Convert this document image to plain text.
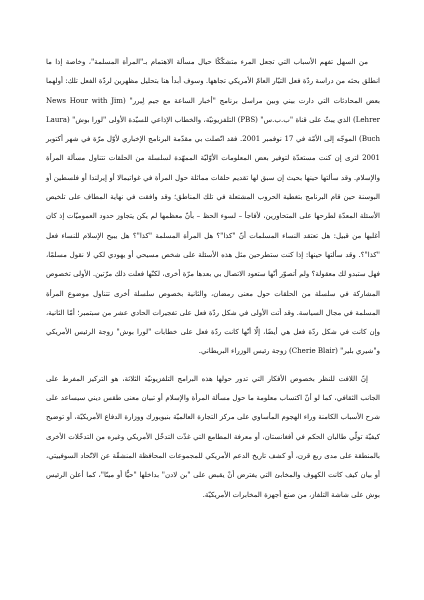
من السهل تفهم الأسباب التي تجعل المرء متشكّكًا حيال مسألة الاهتمام بـ"المرأة المسلمة"، وخاصة إذا ما انطلق بحثه من دراسة ردّة فعل التيّار العامّ الأمريكي تجاهها. وسوف أبدأ هنا بتحليل مظهرين لردّة الفعل تلك: أولهما بعض المحادثات التي دارت بيني وبين مراسل برنامج "أخبار الساعة مع جيم لِيرر" (News Hour with Jim Lehrer) الذي يبثّ على قناة "ب.ب.س" (PBS) التلفزيونيّة، والخطاب الإذاعي للسيّدة الأولى "لورا بوش" (Laura Buch) الموجّه إلى الأمّة في 17 نوفمبر 2001. فقد اتّصلت بي مقدّمة البرنامج الإخباري لأوّل مرّة في شهر أكتوبر 2001 لترى إن كنت مستعدّة لتوفير بعض المعلومات الأوّليّة الممهّدة لسلسلة من الحلقات تتناول مسألة المرأة والإسلام. وقد سألتها حينها بحيث إن سبق لها تقديم حلقات مماثلة حول المرأة في غواتيمالا أو إيرلندا أو فلسطين أو البوسنة حين قام البرنامج بتغطية الحروب المشتعلة في تلك المناطق؛ وقد وافقت في نهاية المطاف على تلخيص الأسئلة المعدّة لطرحها على المتحاورين، لأفاجأ – لسوء الحظ – بأنّ معظمها لم يكن يتجاوز حدود العموميّات إذ كان أغلبها من قبيل: هل تعتقد النساء المسلمات أنّ "كذا"؟ هل المرأة المسلمة "كذا"؟ هل يبيح الإسلام للنساء فعل "كذا"؟. وقد سألتها حينها: إذا كنت ستطرحين مثل هذه الأسئلة على شخص مسيحي أو يهودي لكي لا نقول مسلمًا، فهل ستبدو لك معقولة؟ ولم أتصوّر أنّها ستعود الاتصال بي بعدها مرّة أخرى، لكنّها فعلت ذلك مرّتين. الأولى تخصوص المشاركة في سلسلة من الحلقات حول معنى رمضان، والثانية بخصوص سلسلة أخرى تتناول موضوع المرأة المسلمة في مجال السياسة. وقد أتت الأولى في شكل ردّة فعل على تفجيرات الحادي عشر من سبتمبر؛ أمّا الثانية، وإن كانت في شكل ردّة فعل هي أيضًا، إلّا أنّها كانت ردّة فعل على خطابات "لورا بوش" زوجة الرئيس الأمريكي و"شيري بلير" (Cherie Blair) زوجة رئيس الوزراء البريطاني.

إنّ اللافت للنظر بخصوص الأفكار التي تدور حولها هذه البرامج التلفزيونيّة الثلاثة، هو التركيز المفرط على الجانب الثقافي، كما لو أنّ اكتساب معلومة ما حول مسألة المرأة والإسلام أو تبيان معنى طقس ديني سيساعد على شرح الأسباب الكامنة وراء الهجوم المأساوي على مركز التجارة العالميّة بنيويورك ووزارة الدفاع الأمريكيّة، أو توضيح كيفيّة تولّي طالبان الحكم في أفغانستان، أو معرفة المطامع التي غذّت التدخّل الأمريكي وغيره من التدخّلات الأخرى بالمنطقة على مدى ربع قرن، أو كشف تاريخ الدعم الأمريكي للمجموعات المحافظة المنشقّة عن الاتّحاد السوفييتي، أو بيان كيف كانت الكهوف والمخابئ التي يفترض أنْ يقبض على "بن لادن" بداخلها "حيًّا أو ميتًا"، كما أعلن الرئيس بوش على شاشة التلفاز، من صنع أجهزة المخابرات الأمريكيّة.
